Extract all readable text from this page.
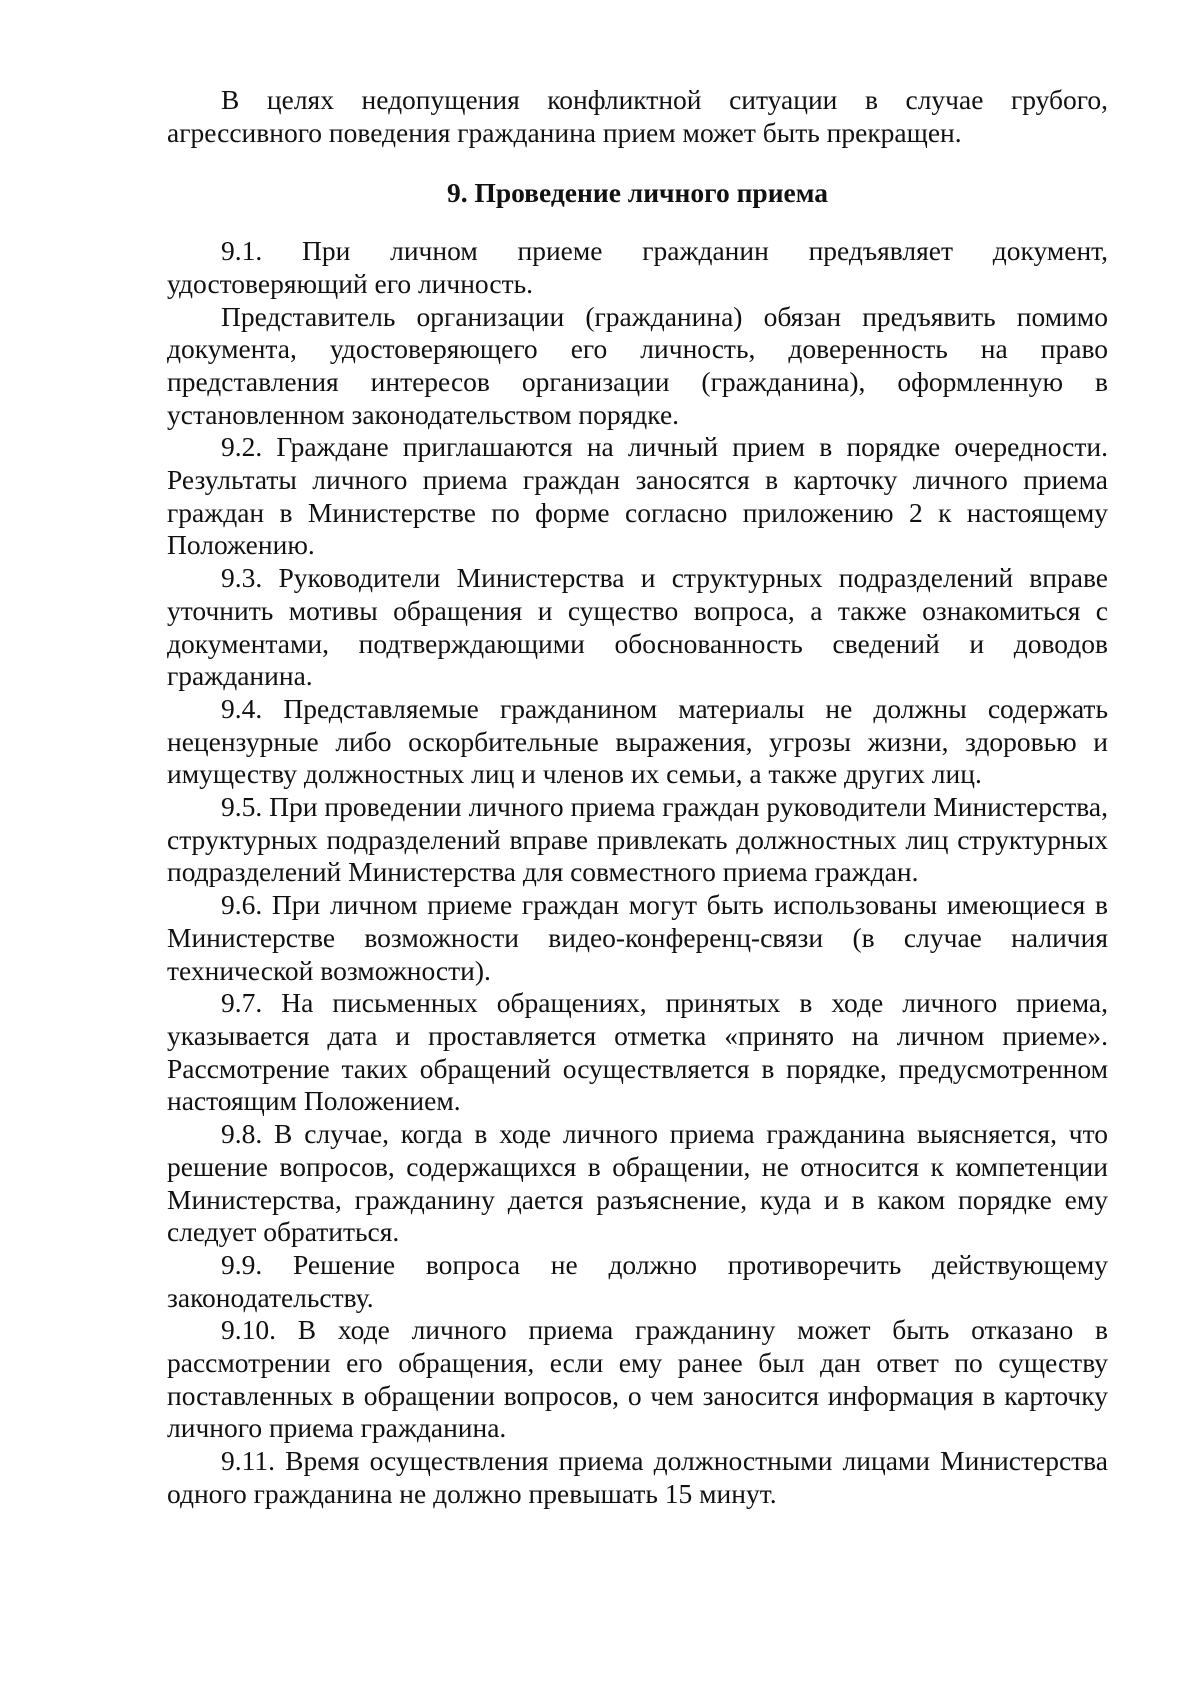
В целях недопущения конфликтной ситуации в случае грубого, агрессивного поведения гражданина прием может быть прекращен.

9. Проведение личного приема

9.1. При личном приеме гражданин предъявляет документ, удостоверяющий его личность.

Представитель организации (гражданина) обязан предъявить помимо документа, удостоверяющего его личность, доверенность на право представления интересов организации (гражданина), оформленную в установленном законодательством порядке.

9.2. Граждане приглашаются на личный прием в порядке очередности. Результаты личного приема граждан заносятся в карточку личного приема граждан в Министерстве по форме согласно приложению 2 к настоящему Положению.

9.3. Руководители Министерства и структурных подразделений вправе уточнить мотивы обращения и существо вопроса, а также ознакомиться с документами, подтверждающими обоснованность сведений и доводов гражданина.

9.4. Представляемые гражданином материалы не должны содержать нецензурные либо оскорбительные выражения, угрозы жизни, здоровью и имуществу должностных лиц и членов их семьи, а также других лиц.

9.5. При проведении личного приема граждан руководители Министерства, структурных подразделений вправе привлекать должностных лиц структурных подразделений Министерства для совместного приема граждан.

9.6. При личном приеме граждан могут быть использованы имеющиеся в Министерстве возможности видео-конференц-связи (в случае наличия технической возможности).

9.7. На письменных обращениях, принятых в ходе личного приема, указывается дата и проставляется отметка «принято на личном приеме». Рассмотрение таких обращений осуществляется в порядке, предусмотренном настоящим Положением.

9.8. В случае, когда в ходе личного приема гражданина выясняется, что решение вопросов, содержащихся в обращении, не относится к компетенции Министерства, гражданину дается разъяснение, куда и в каком порядке ему следует обратиться.

9.9. Решение вопроса не должно противоречить действующему законодательству.

9.10. В ходе личного приема гражданину может быть отказано в рассмотрении его обращения, если ему ранее был дан ответ по существу поставленных в обращении вопросов, о чем заносится информация в карточку личного приема гражданина.

9.11. Время осуществления приема должностными лицами Министерства одного гражданина не должно превышать 15 минут.
